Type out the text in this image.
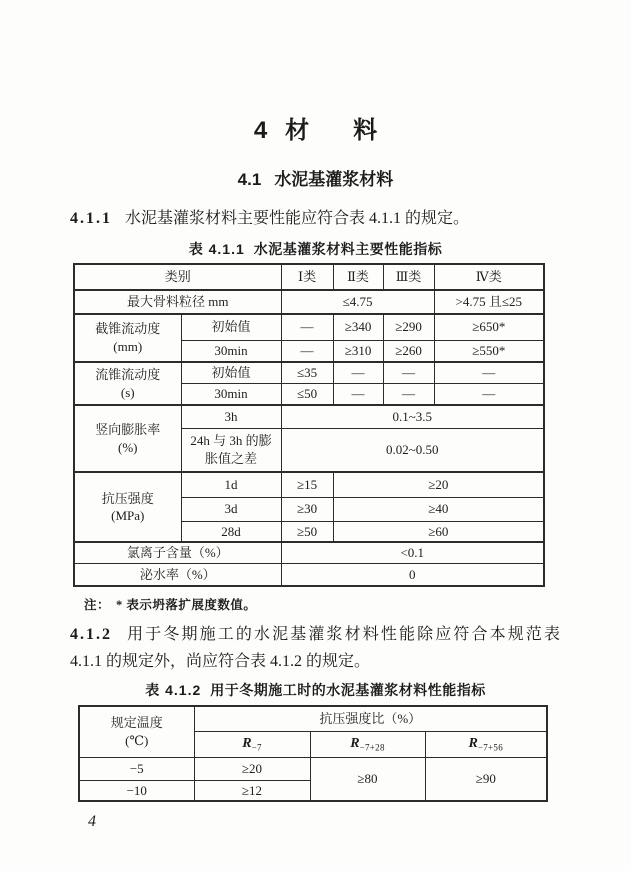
4 材 料
4.1 水泥基灌浆材料
4.1.1 水泥基灌浆材料主要性能应符合表 4.1.1 的规定。
表 4.1.1 水泥基灌浆材料主要性能指标
类别		Ⅰ类	Ⅱ类	Ⅲ类	Ⅳ类
最大骨料粒径 mm		≤4.75			>4.75 且≤25

截锥流动度
(mm)	初始值	—	≥340	≥290	≥650*
	30min	—	≥310	≥260	≥550*

流锥流动度
(s)	初始值	≤35	—	—	—
	30min	≤50	—	—	—

竖向膨胀率
(%)	3h	0.1~3.5			
	24h 与 3h 的膨胀值之差	0.02~0.50			

抗压强度
(MPa)	1d	≥15	≥20		
	3d	≥30	≥40		
	28d	≥50	≥60		
氯离子含量（%）		<0.1			
泌水率（%）		0			
注： * 表示坍落扩展度数值。
4.1.2 用于冬期施工的水泥基灌浆材料性能除应符合本规范表
4.1.1 的规定外，尚应符合表 4.1.2 的规定。
表 4.1.2 用于冬期施工时的水泥基灌浆材料性能指标
规定温度
(℃)	抗压强度比（%）		
	$R_{-7}$	$R_{-7+28}$	$R_{-7+56}$
−5	≥20	≥80	≥90
−10	≥12		
4
